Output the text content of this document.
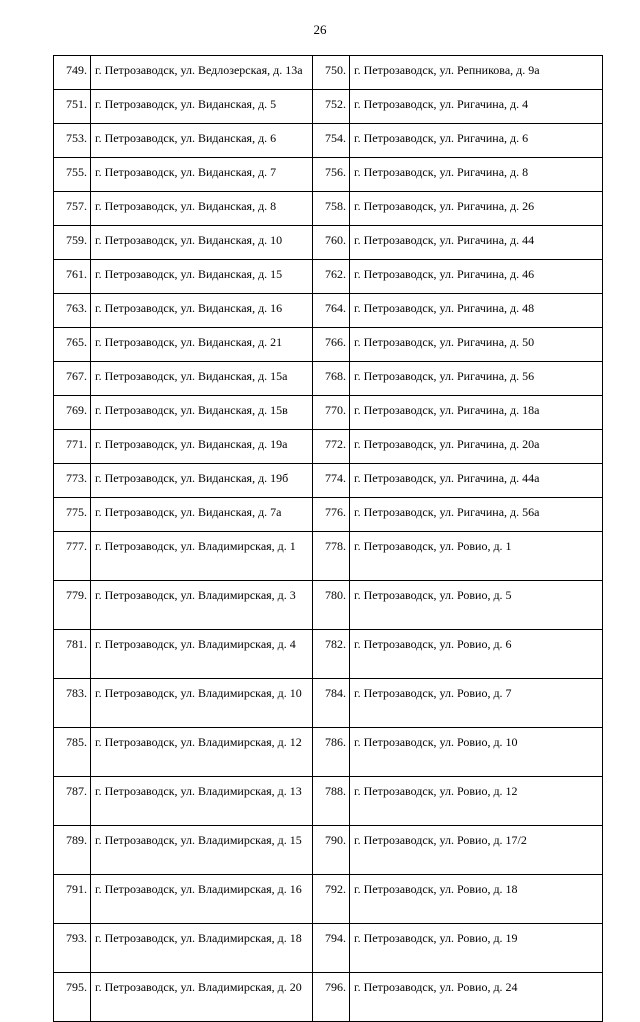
26
749.	г. Петрозаводск, ул. Ведлозерская, д. 13а	750.	г. Петрозаводск, ул. Репникова, д. 9а
751.	г. Петрозаводск, ул. Виданская, д. 5	752.	г. Петрозаводск, ул. Ригачина, д. 4
753.	г. Петрозаводск, ул. Виданская, д. 6	754.	г. Петрозаводск, ул. Ригачина, д. 6
755.	г. Петрозаводск, ул. Виданская, д. 7	756.	г. Петрозаводск, ул. Ригачина, д. 8
757.	г. Петрозаводск, ул. Виданская, д. 8	758.	г. Петрозаводск, ул. Ригачина, д. 26
759.	г. Петрозаводск, ул. Виданская, д. 10	760.	г. Петрозаводск, ул. Ригачина, д. 44
761.	г. Петрозаводск, ул. Виданская, д. 15	762.	г. Петрозаводск, ул. Ригачина, д. 46
763.	г. Петрозаводск, ул. Виданская, д. 16	764.	г. Петрозаводск, ул. Ригачина, д. 48
765.	г. Петрозаводск, ул. Виданская, д. 21	766.	г. Петрозаводск, ул. Ригачина, д. 50
767.	г. Петрозаводск, ул. Виданская, д. 15а	768.	г. Петрозаводск, ул. Ригачина, д. 56
769.	г. Петрозаводск, ул. Виданская, д. 15в	770.	г. Петрозаводск, ул. Ригачина, д. 18а
771.	г. Петрозаводск, ул. Виданская, д. 19а	772.	г. Петрозаводск, ул. Ригачина, д. 20а
773.	г. Петрозаводск, ул. Виданская, д. 19б	774.	г. Петрозаводск, ул. Ригачина, д. 44а
775.	г. Петрозаводск, ул. Виданская, д. 7а	776.	г. Петрозаводск, ул. Ригачина, д. 56а
777.	г. Петрозаводск, ул. Владимирская, д. 1	778.	г. Петрозаводск, ул. Ровио, д. 1
779.	г. Петрозаводск, ул. Владимирская, д. 3	780.	г. Петрозаводск, ул. Ровио, д. 5
781.	г. Петрозаводск, ул. Владимирская, д. 4	782.	г. Петрозаводск, ул. Ровио, д. 6
783.	г. Петрозаводск, ул. Владимирская, д. 10	784.	г. Петрозаводск, ул. Ровио, д. 7
785.	г. Петрозаводск, ул. Владимирская, д. 12	786.	г. Петрозаводск, ул. Ровио, д. 10
787.	г. Петрозаводск, ул. Владимирская, д. 13	788.	г. Петрозаводск, ул. Ровио, д. 12
789.	г. Петрозаводск, ул. Владимирская, д. 15	790.	г. Петрозаводск, ул. Ровио, д. 17/2
791.	г. Петрозаводск, ул. Владимирская, д. 16	792.	г. Петрозаводск, ул. Ровио, д. 18
793.	г. Петрозаводск, ул. Владимирская, д. 18	794.	г. Петрозаводск, ул. Ровио, д. 19
795.	г. Петрозаводск, ул. Владимирская, д. 20	796.	г. Петрозаводск, ул. Ровио, д. 24
